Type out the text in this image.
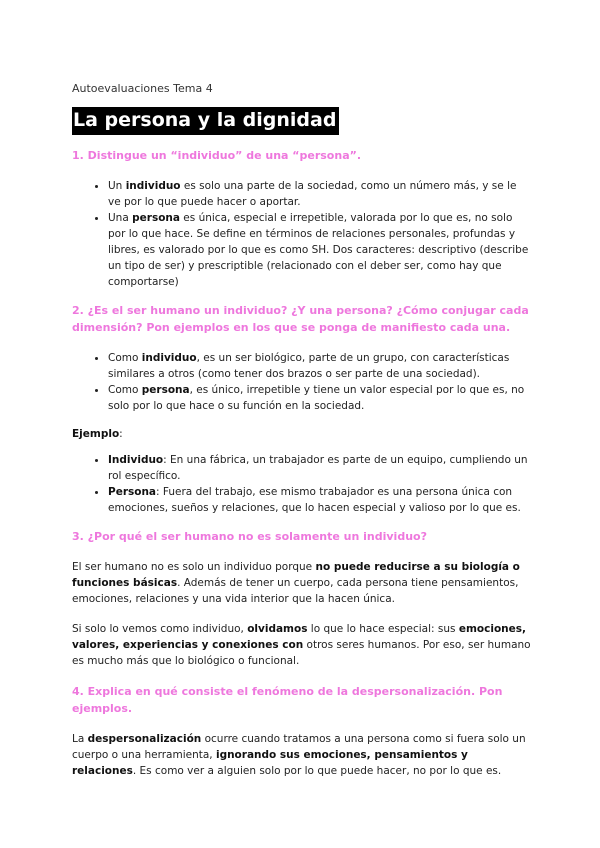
Autoevaluaciones Tema 4
La persona y la dignidad
1. Distingue un “individuo” de una “persona”.
• Un individuo es solo una parte de la sociedad, como un número más, y se le ve por lo que puede hacer o aportar.
• Una persona es única, especial e irrepetible, valorada por lo que es, no solo por lo que hace. Se define en términos de relaciones personales, profundas y libres, es valorado por lo que es como SH. Dos caracteres: descriptivo (describe un tipo de ser) y prescriptible (relacionado con el deber ser, como hay que comportarse)
2. ¿Es el ser humano un individuo? ¿Y una persona? ¿Cómo conjugar cada dimensión? Pon ejemplos en los que se ponga de manifiesto cada una.
• Como individuo, es un ser biológico, parte de un grupo, con características similares a otros (como tener dos brazos o ser parte de una sociedad).
• Como persona, es único, irrepetible y tiene un valor especial por lo que es, no solo por lo que hace o su función en la sociedad.

Ejemplo:

• Individuo: En una fábrica, un trabajador es parte de un equipo, cumpliendo un rol específico.
• Persona: Fuera del trabajo, ese mismo trabajador es una persona única con emociones, sueños y relaciones, que lo hacen especial y valioso por lo que es.
3. ¿Por qué el ser humano no es solamente un individuo?

El ser humano no es solo un individuo porque no puede reducirse a su biología o funciones básicas. Además de tener un cuerpo, cada persona tiene pensamientos, emociones, relaciones y una vida interior que la hacen única.

Si solo lo vemos como individuo, olvidamos lo que lo hace especial: sus emociones, valores, experiencias y conexiones con otros seres humanos. Por eso, ser humano es mucho más que lo biológico o funcional.

4. Explica en qué consiste el fenómeno de la despersonalización. Pon ejemplos.

La despersonalización ocurre cuando tratamos a una persona como si fuera solo un cuerpo o una herramienta, ignorando sus emociones, pensamientos y relaciones. Es como ver a alguien solo por lo que puede hacer, no por lo que es.
